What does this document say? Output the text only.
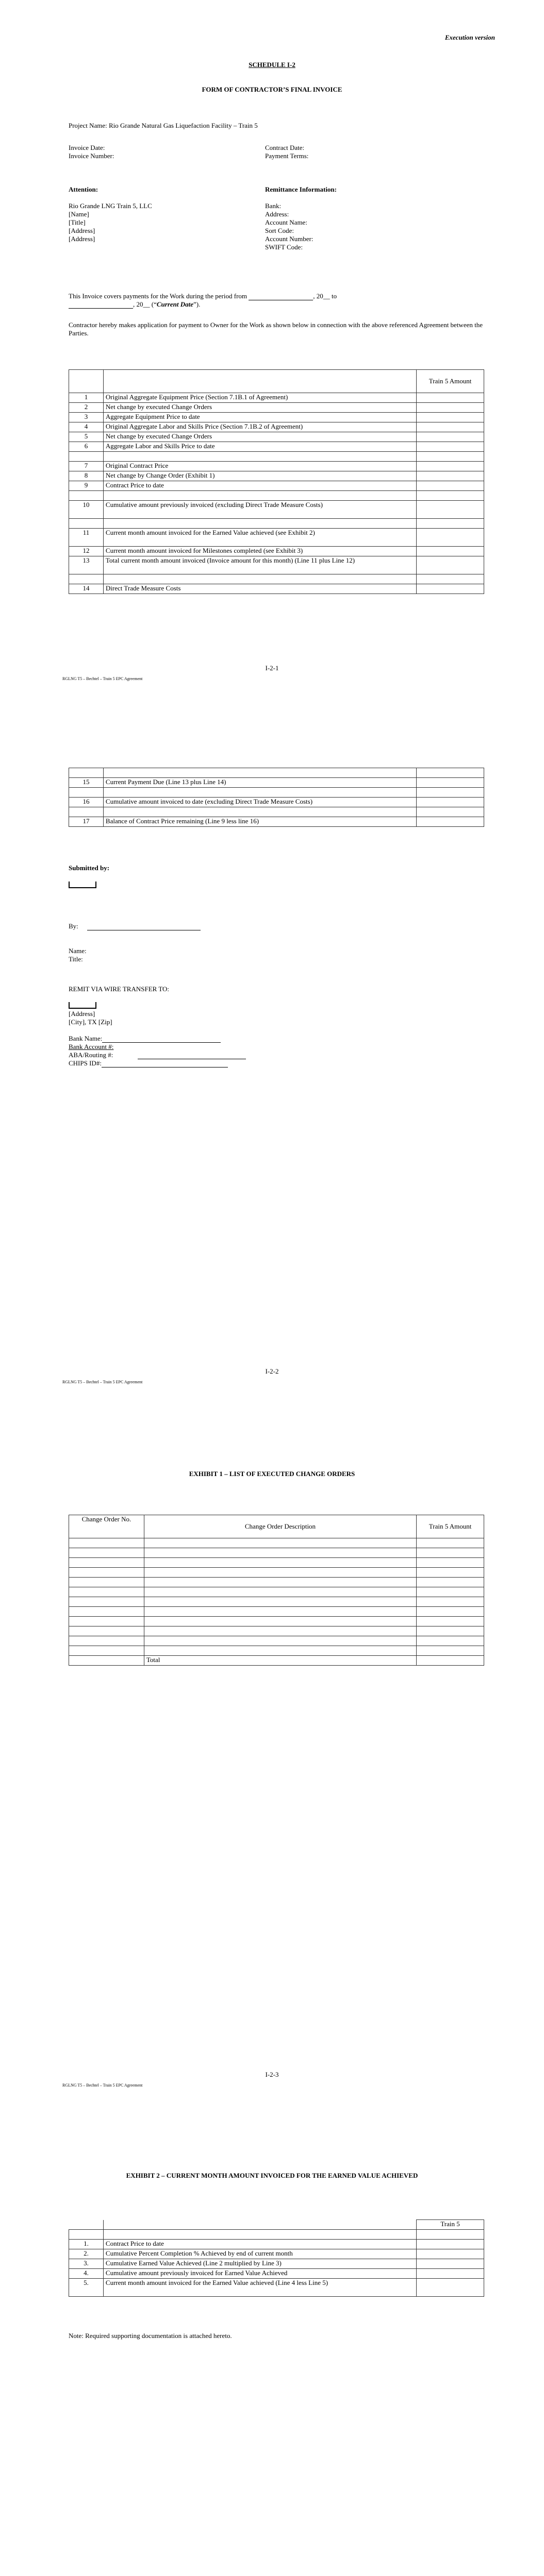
Execution version
SCHEDULE I-2
FORM OF CONTRACTOR’S FINAL INVOICE
Project Name: Rio Grande Natural Gas Liquefaction Facility – Train 5
Invoice Date:
Invoice Number:
Contract Date:
Payment Terms:
Attention:
Rio Grande LNG Train 5, LLC
[Name]
[Title]
[Address]
[Address]
Remittance Information:
Bank:
Address:
Account Name:
Sort Code:
Account Number:
SWIFT Code:
This Invoice covers payments for the Work during the period from	, 20__ to
, 20__ (“Current Date”).
Contractor hereby makes application for payment to Owner for the Work as shown below in connection with the above referenced Agreement between the Parties.
		Train 5 Amount
1	Original Aggregate Equipment Price (Section 7.1B.1 of Agreement)	
2	Net change by executed Change Orders	
3	Aggregate Equipment Price to date	
4	Original Aggregate Labor and Skills Price (Section 7.1B.2 of Agreement)	
5	Net change by executed Change Orders	
6	Aggregate Labor and Skills Price to date	

7	Original Contract Price	
8	Net change by Change Order (Exhibit 1)	
9	Contract Price to date	

10	Cumulative amount previously invoiced (excluding Direct Trade Measure Costs)	

11	Current month amount invoiced for the Earned Value achieved (see Exhibit 2)	
12	Current month amount invoiced for Milestones completed (see Exhibit 3)	
13	Total current month amount invoiced (Invoice amount for this month) (Line 11 plus Line 12)	

14	Direct Trade Measure Costs	
I-2-1
RGLNG T5 – Bechtel – Train 5 EPC Agreement

15	Current Payment Due (Line 13 plus Line 14)	

16	Cumulative amount invoiced to date (excluding Direct Trade Measure Costs)	

17	Balance of Contract Price remaining (Line 9 less line 16)	
Submitted by:
By:
Name:
Title:
REMIT VIA WIRE TRANSFER TO:
[Address]
[City], TX [Zip]
Bank Name:
Bank Account #:
ABA/Routing #:
CHIPS ID#:
I-2-2
RGLNG T5 – Bechtel – Train 5 EPC Agreement
EXHIBIT 1 – LIST OF EXECUTED CHANGE ORDERS
Change Order No.	Change Order Description	Train 5 Amount

	Total	
I-2-3
RGLNG T5 – Bechtel – Train 5 EPC Agreement
EXHIBIT 2 – CURRENT MONTH AMOUNT INVOICED FOR THE EARNED VALUE ACHIEVED
		Train 5

1.	Contract Price to date	
2.	Cumulative Percent Completion % Achieved by end of current month	
3.	Cumulative Earned Value Achieved (Line 2 multiplied by Line 3)	
4.	Cumulative amount previously invoiced for Earned Value Achieved	
5.	Current month amount invoiced for the Earned Value achieved (Line 4 less Line 5)	
Note: Required supporting documentation is attached hereto.
